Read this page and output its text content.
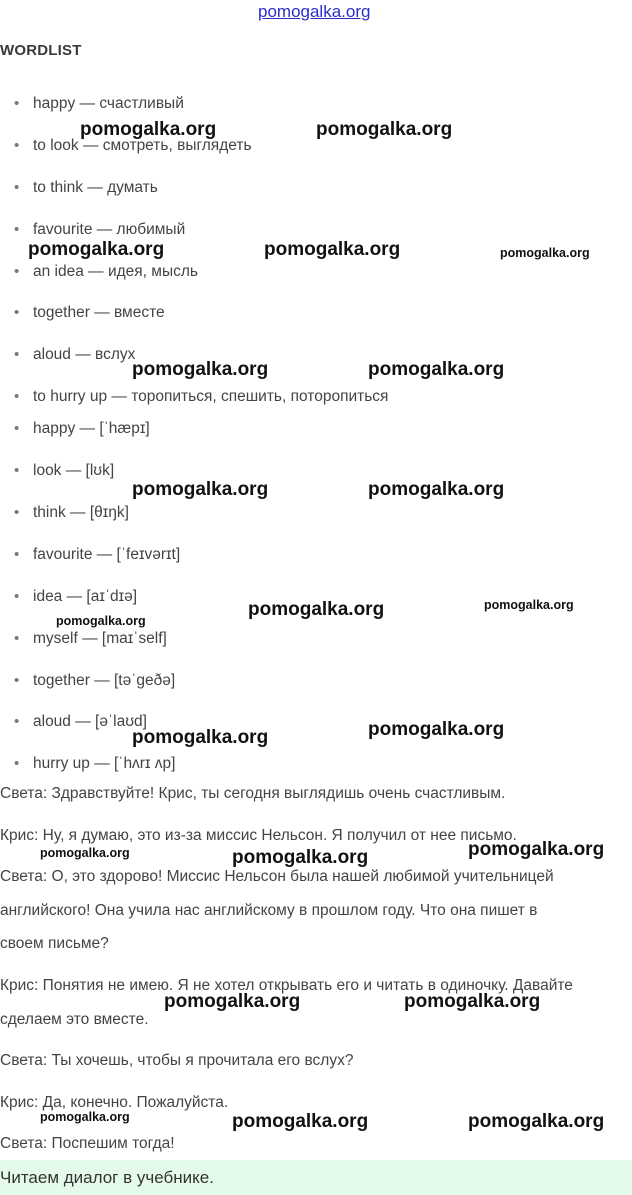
pomogalka.org
WORDLIST
• happy — счастливый
• to look — смотреть, выглядеть
• to think — думать
• favourite — любимый
• an idea — идея, мысль
• together — вместе
• aloud — вслух
• to hurry up — торопиться, спешить, поторопиться
• happy — [ˈhæpɪ]
• look — [lʊk]
• think — [θɪŋk]
• favourite — [ˈfeɪvərɪt]
• idea — [aɪˈdɪə]
• myself — [maɪˈself]
• together — [təˈgeðə]
• aloud — [əˈlaʊd]
• hurry up — [ˈhʌrɪ ʌp]

Света: Здравствуйте! Крис, ты сегодня выглядишь очень счастливым.

Крис: Ну, я думаю, это из-за миссис Нельсон. Я получил от нее письмо.

Света: О, это здорово! Миссис Нельсон была нашей любимой учительницей

английского! Она учила нас английскому в прошлом году. Что она пишет в

своем письме?

Крис: Понятия не имею. Я не хотел открывать его и читать в одиночку. Давайте

сделаем это вместе.

Света: Ты хочешь, чтобы я прочитала его вслух?

Крис: Да, конечно. Пожалуйста.

Света: Поспешим тогда!

Читаем диалог в учебнике.
pomogalka.org	pomogalka.org
pomogalka.org	pomogalka.org	pomogalka.org
pomogalka.org	pomogalka.org
pomogalka.org	pomogalka.org
pomogalka.org	pomogalka.org
pomogalka.org
pomogalka.org
pomogalka.org
pomogalka.org
pomogalka.org	pomogalka.org
pomogalka.org	pomogalka.org
pomogalka.org	pomogalka.org	pomogalka.org
